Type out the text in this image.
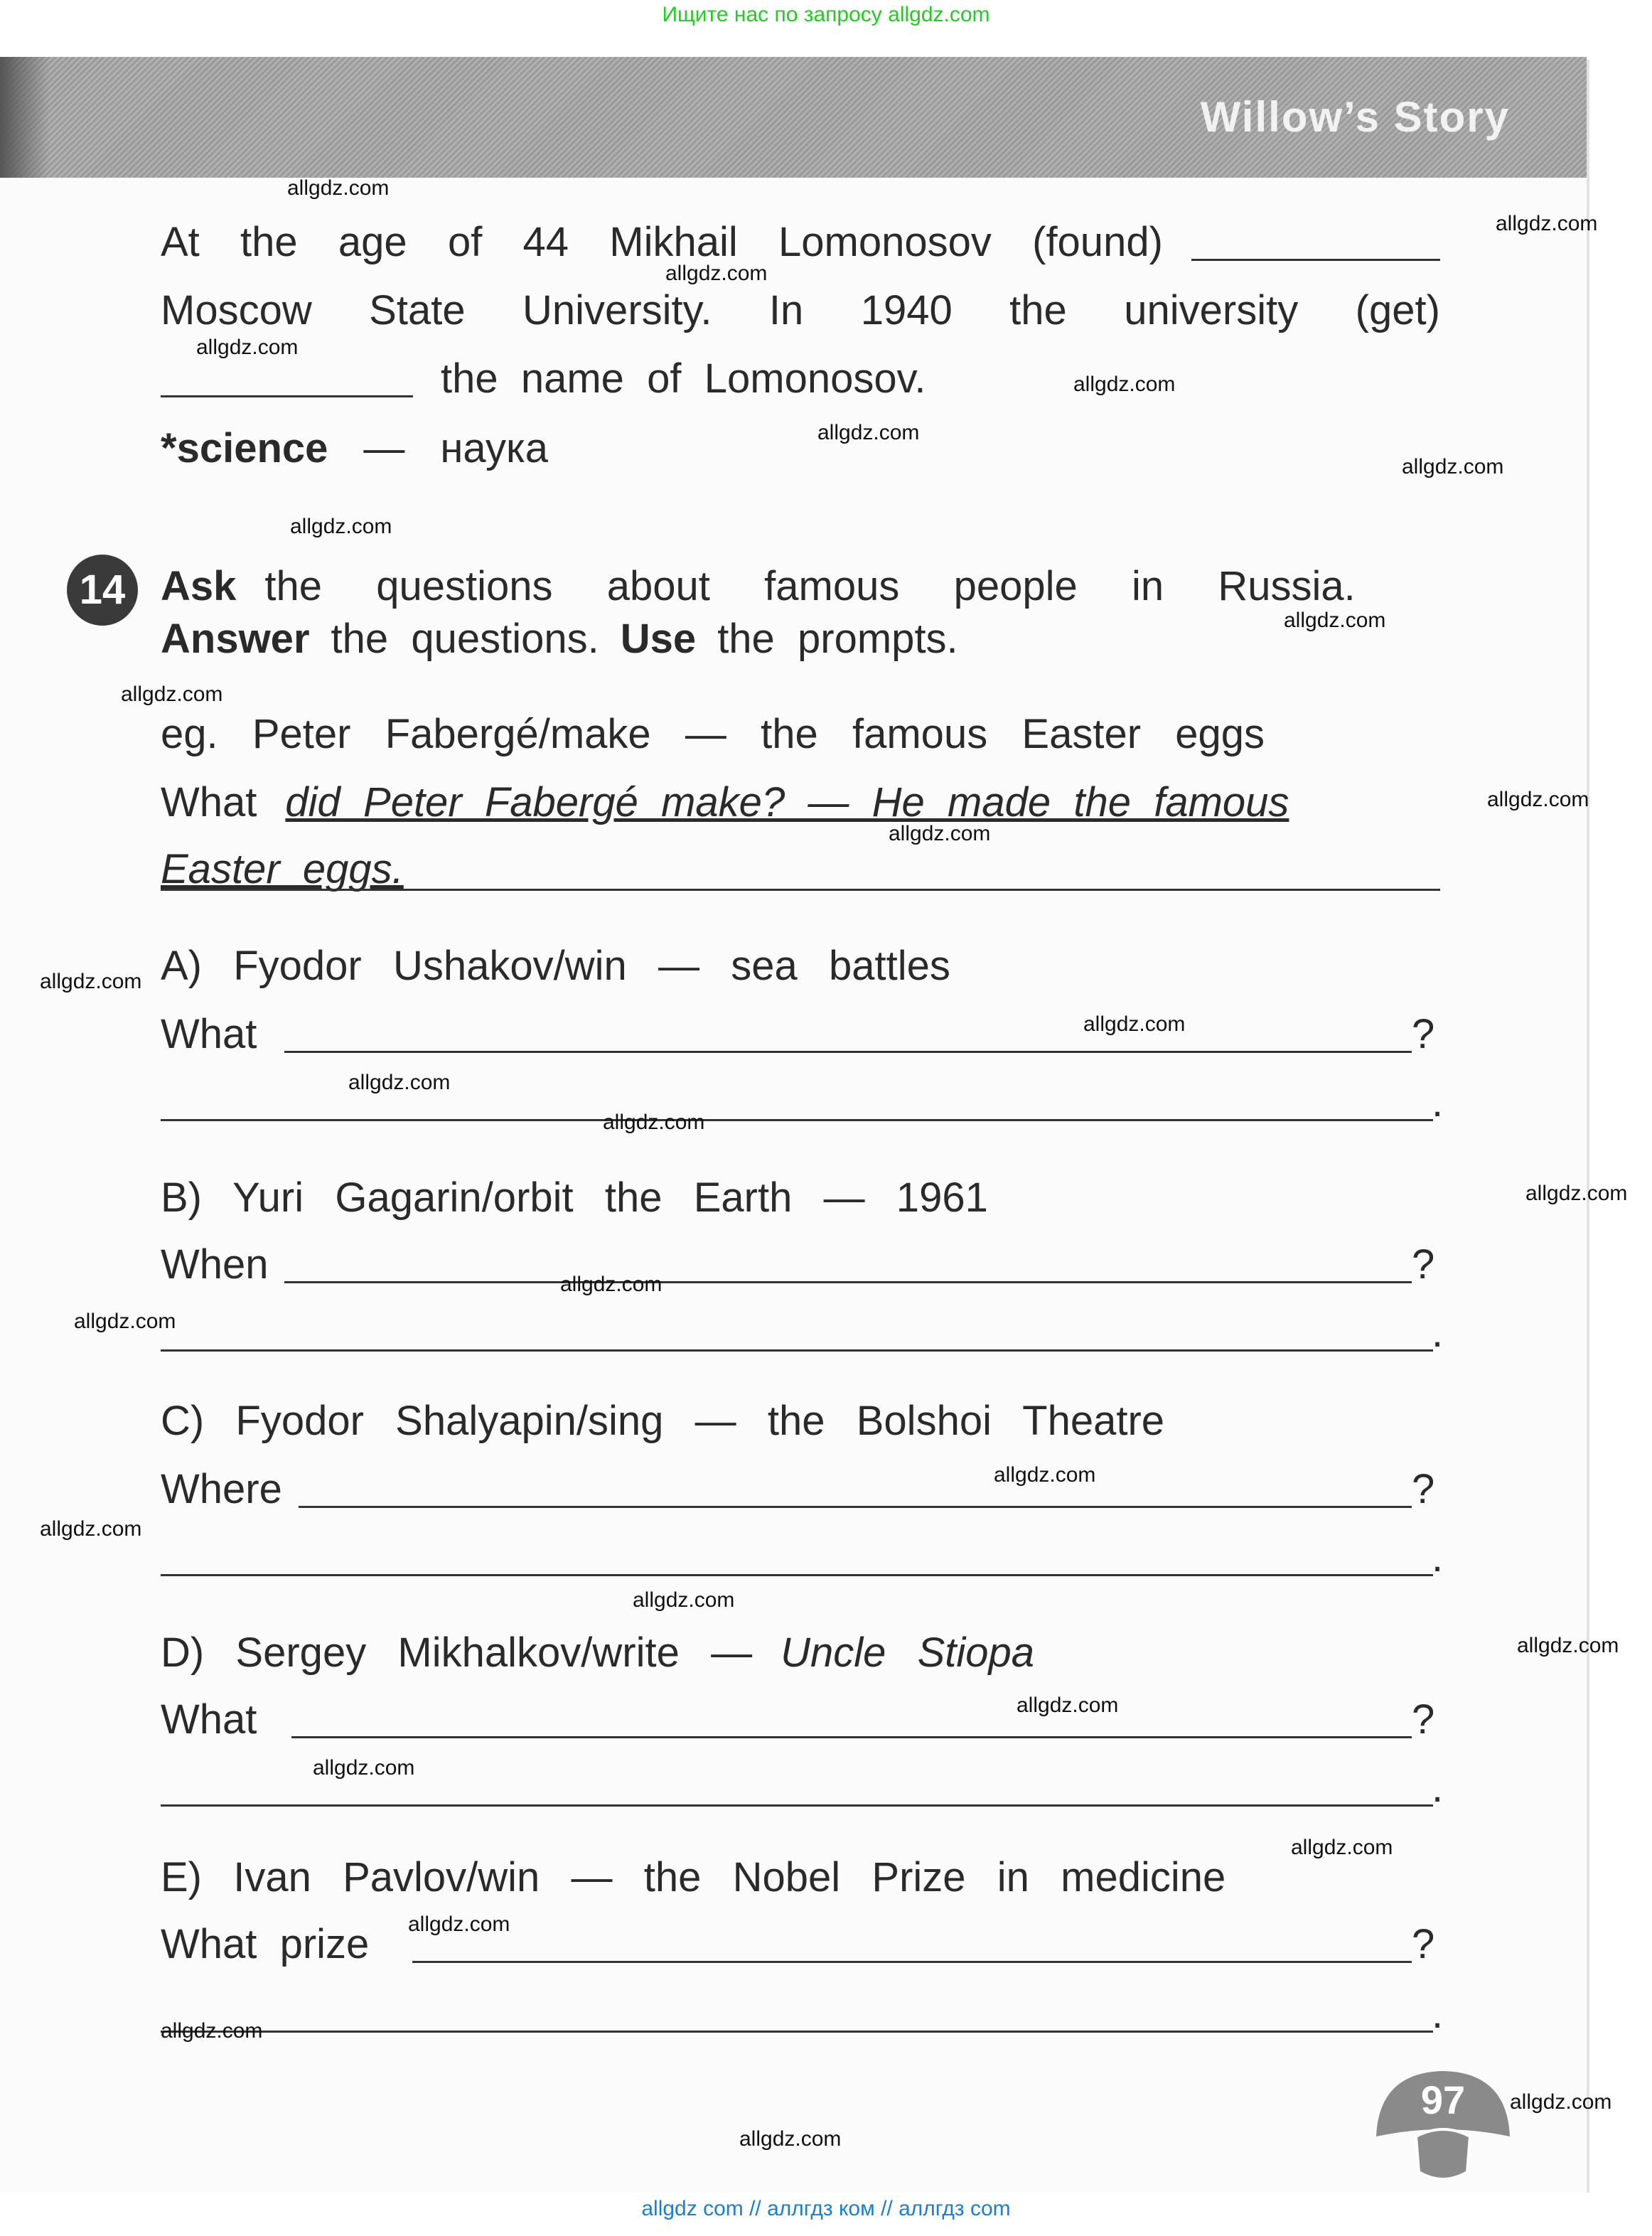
Ищите нас по запросу allgdz.com
Willow’s Story
At the age of 44 Mikhail Lomonosov (found)
Moscow State University. In 1940 the university (get)
the  name  of  Lomonosov.
*science — наука
14 Ask the  questions  about  famous  people  in  Russia.
Answer the  questions. Use the  prompts.
eg.  Peter  Fabergé/make  —  the  famous  Easter  eggs
What did  Peter  Fabergé  make?  —  He  made  the  famous
Easter  eggs.
A)  Fyodor  Ushakov/win  —  sea  battles
What	?
.
B)  Yuri  Gagarin/orbit  the  Earth  —  1961
When	?
.
C)  Fyodor  Shalyapin/sing  —  the  Bolshoi  Theatre
Where	?
.
D)  Sergey  Mikhalkov/write  — Uncle  Stiopa
What	?
.
E)  Ivan  Pavlov/win  —  the  Nobel  Prize  in  medicine
What  prize	?
.
97
allgdz.com
allgdz.com
allgdz.com
allgdz.com
allgdz.com
allgdz.com
allgdz.com
allgdz.com
allgdz.com
allgdz.com
allgdz.com
allgdz.com
allgdz.com
allgdz.com
allgdz.com
allgdz.com
allgdz.com
allgdz.com
allgdz.com
allgdz.com
allgdz.com
allgdz.com
allgdz.com
allgdz.com
allgdz.com
allgdz.com
allgdz.com
allgdz.com
allgdz.com
allgdz.com
allgdz com // аллгдз ком // аллгдз com
